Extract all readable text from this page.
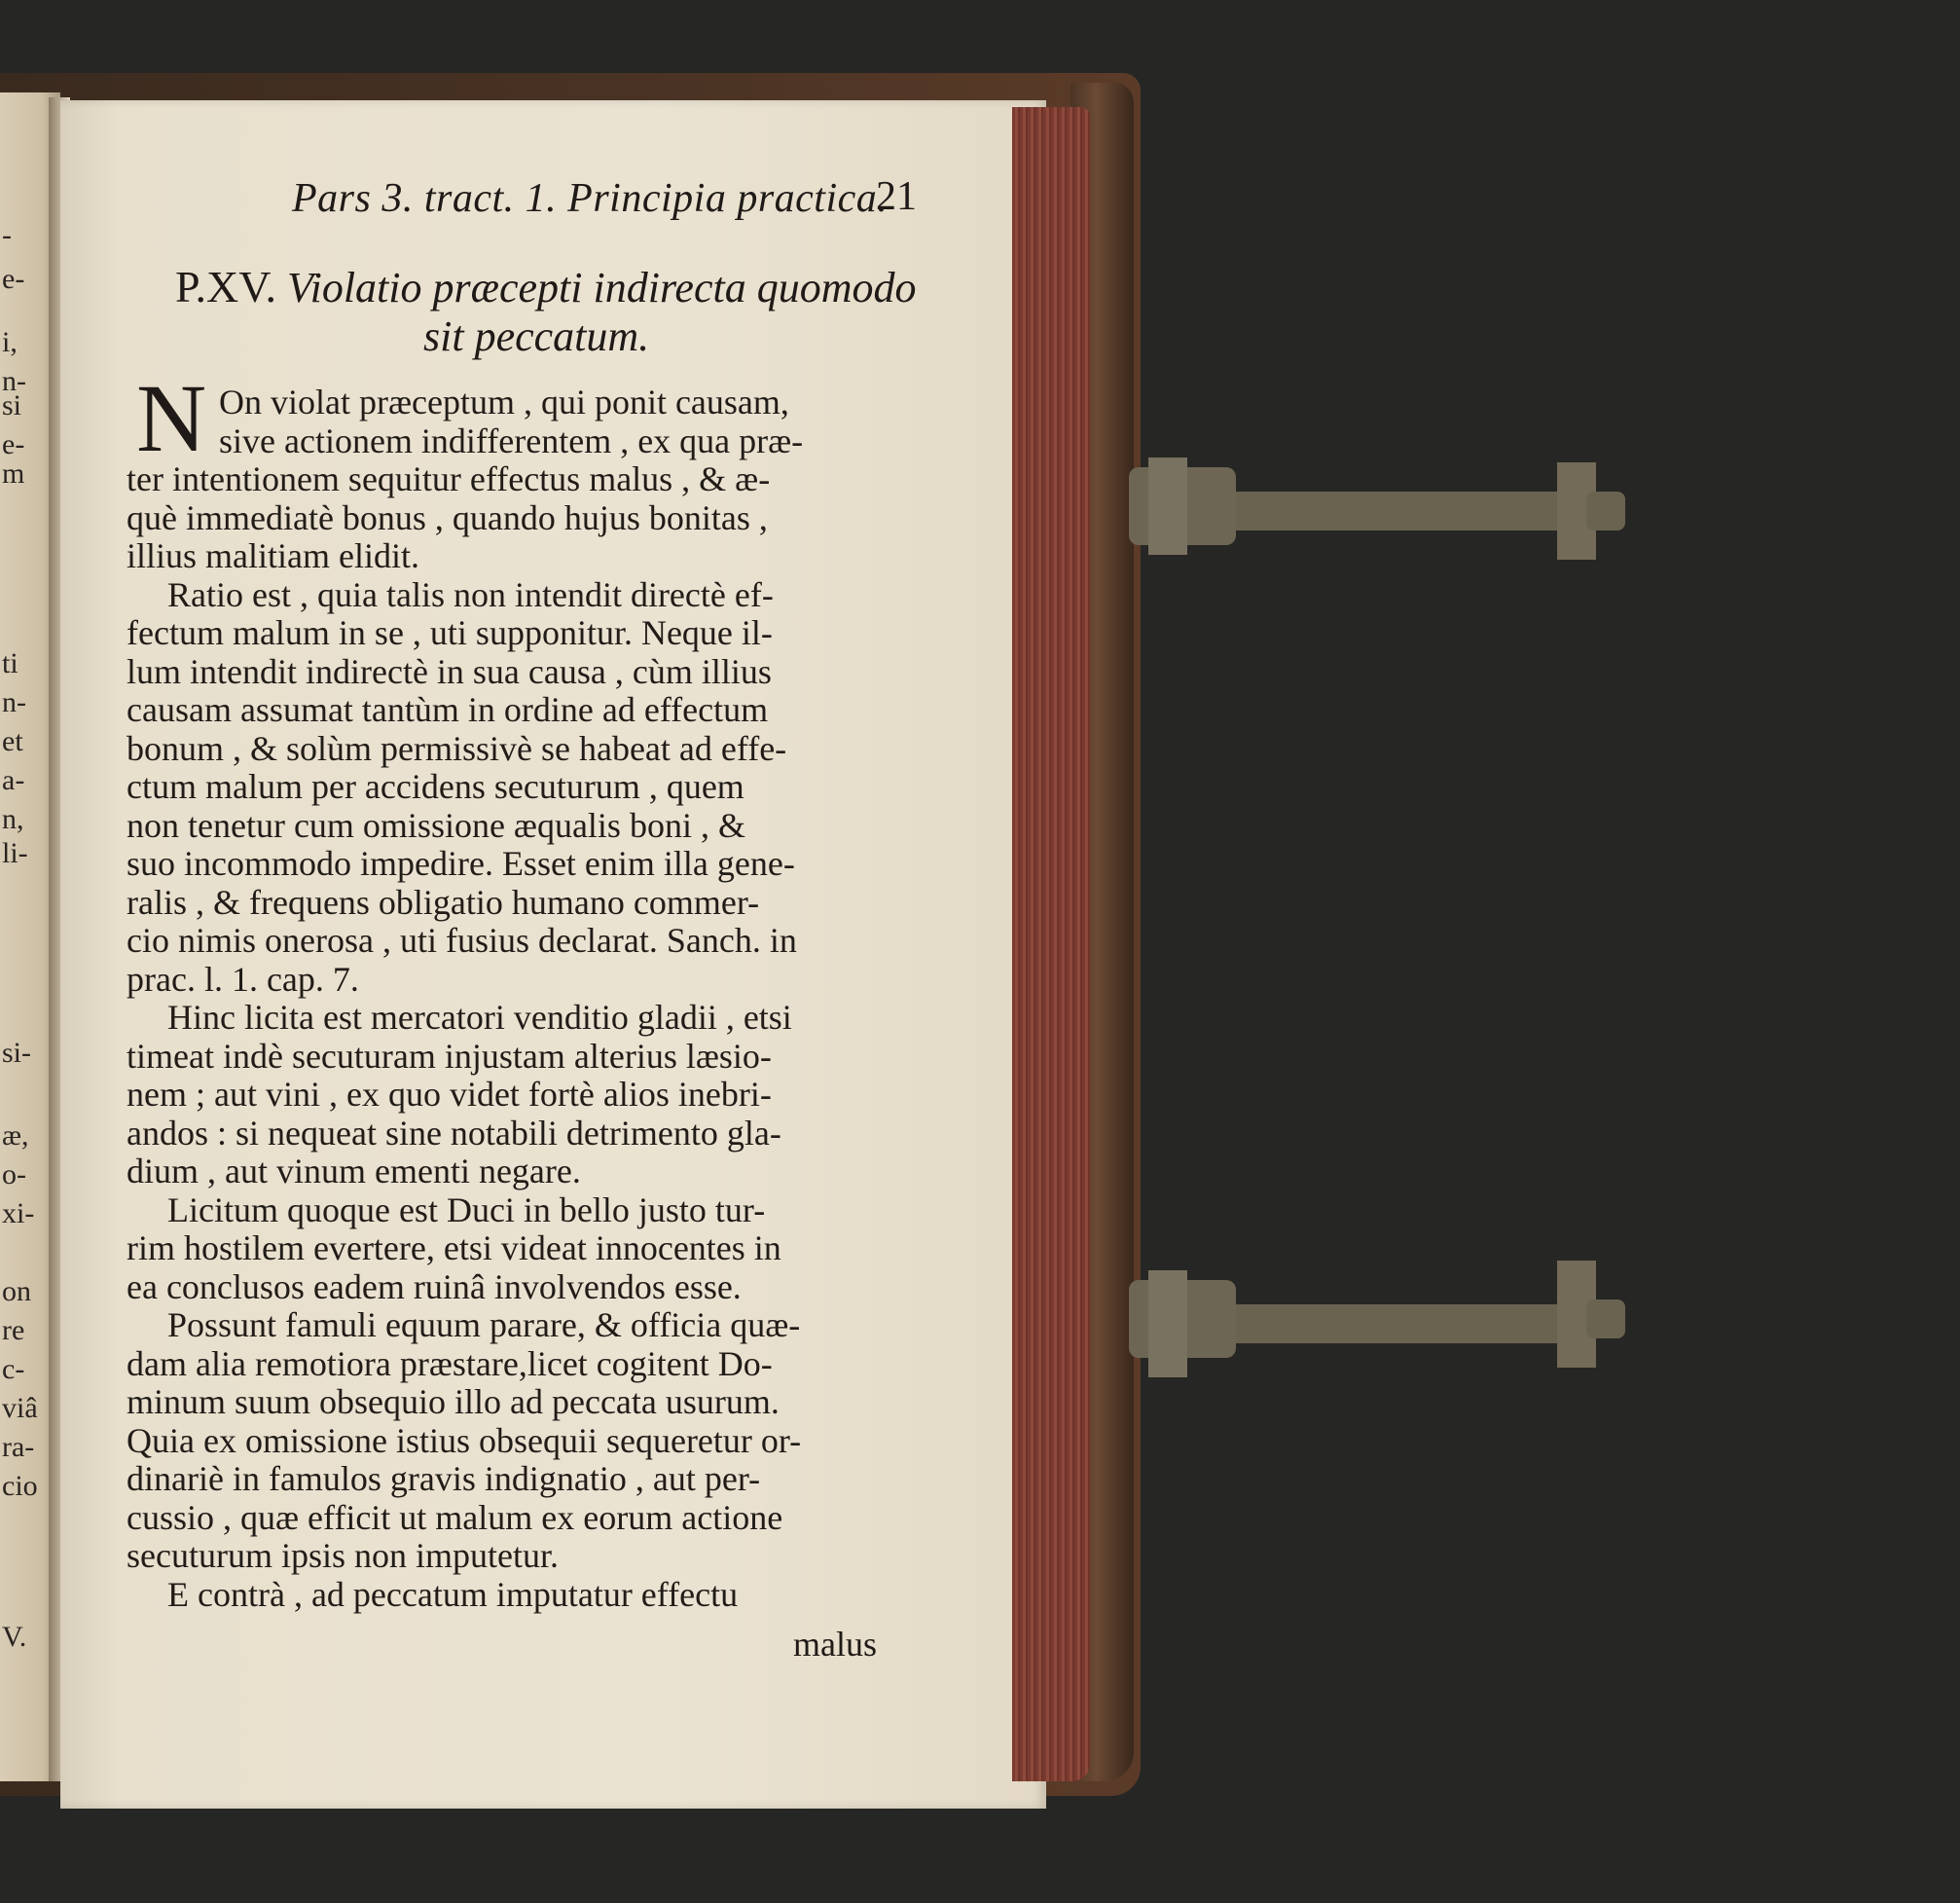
-
e-
i,
n-
si
e-
m
ti
n-
et
a-
n,
li-
si-
æ,
o-
xi-
on
re
c-
viâ
ra-
cio
V.
Pars 3. tract. 1. Principia practica.
21
P.XV. Violatio præcepti indirecta quomodo
sit peccatum.
N On violat præceptum , qui ponit causam,
sive actionem indifferentem , ex qua præ-
ter intentionem sequitur effectus malus , & æ-
què immediatè bonus , quando hujus bonitas ,
illius malitiam elidit.
Ratio est , quia talis non intendit directè ef-
fectum malum in se , uti supponitur. Neque il-
lum intendit indirectè in sua causa , cùm illius
causam assumat tantùm in ordine ad effectum
bonum , & solùm permissivè se habeat ad effe-
ctum malum per accidens secuturum , quem
non tenetur cum omissione æqualis boni , &
suo incommodo impedire. Esset enim illa gene-
ralis , & frequens obligatio humano commer-
cio nimis onerosa , uti fusius declarat. Sanch. in
prac. l. 1. cap. 7.
Hinc licita est mercatori venditio gladii , etsi
timeat indè secuturam injustam alterius læsio-
nem ; aut vini , ex quo videt fortè alios inebri-
andos : si nequeat sine notabili detrimento gla-
dium , aut vinum ementi negare.
Licitum quoque est Duci in bello justo tur-
rim hostilem evertere, etsi videat innocentes in
ea conclusos eadem ruinâ involvendos esse.
Possunt famuli equum parare, & officia quæ-
dam alia remotiora præstare,licet cogitent Do-
minum suum obsequio illo ad peccata usurum.
Quia ex omissione istius obsequii sequeretur or-
dinariè in famulos gravis indignatio , aut per-
cussio , quæ efficit ut malum ex eorum actione
secuturum ipsis non imputetur.
E contrà , ad peccatum imputatur effectu
malus
